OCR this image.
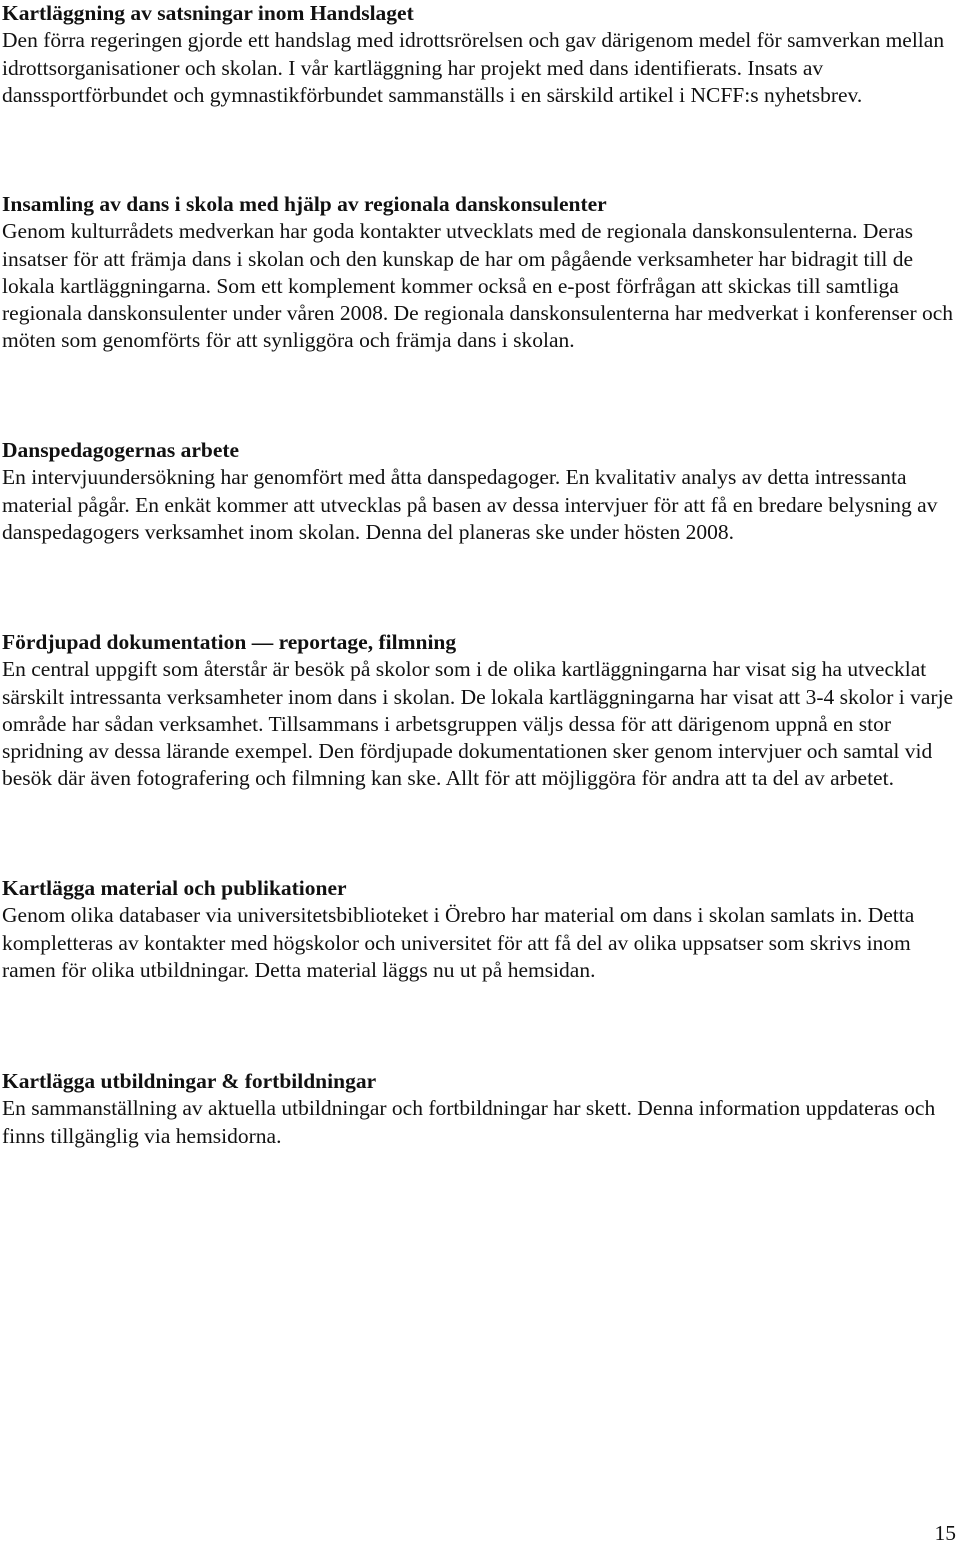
Kartläggning av satsningar inom Handslaget
Den förra regeringen gjorde ett handslag med idrottsrörelsen och gav därigenom medel för samverkan mellan idrottsorganisationer och skolan. I vår kartläggning har projekt med dans identifierats. Insats av danssportförbundet och gymnastikförbundet sammanställs i en särskild artikel i NCFF:s nyhetsbrev.
Insamling av dans i skola med hjälp av regionala danskonsulenter
Genom kulturrådets medverkan har goda kontakter utvecklats med de regionala danskonsulenterna. Deras insatser för att främja dans i skolan och den kunskap de har om pågående verksamheter har bidragit till de lokala kartläggningarna. Som ett komplement kommer också en e-post förfrågan att skickas till samtliga regionala danskonsulenter under våren 2008. De regionala danskonsulenterna har medverkat i konferenser och möten som genomförts för att synliggöra och främja dans i skolan.
Danspedagogernas arbete
En intervjuundersökning har genomfört med åtta danspedagoger. En kvalitativ analys av detta intressanta material pågår. En enkät kommer att utvecklas på basen av dessa intervjuer för att få en bredare belysning av danspedagogers verksamhet inom skolan. Denna del planeras ske under hösten 2008.
Fördjupad dokumentation — reportage, filmning
En central uppgift som återstår är besök på skolor som i de olika kartläggningarna har visat sig ha utvecklat särskilt intressanta verksamheter inom dans i skolan. De lokala kartläggningarna har visat att 3-4 skolor i varje område har sådan verksamhet. Tillsammans i arbetsgruppen väljs dessa för att därigenom uppnå en stor spridning av dessa lärande exempel. Den fördjupade dokumentationen sker genom intervjuer och samtal vid besök där även fotografering och filmning kan ske. Allt för att möjliggöra för andra att ta del av arbetet.
Kartlägga material och publikationer
Genom olika databaser via universitetsbiblioteket i Örebro har material om dans i skolan samlats in. Detta kompletteras av kontakter med högskolor och universitet för att få del av olika uppsatser som skrivs inom ramen för olika utbildningar. Detta material läggs nu ut på hemsidan.
Kartlägga utbildningar & fortbildningar
En sammanställning av aktuella utbildningar och fortbildningar har skett. Denna information uppdateras och finns tillgänglig via hemsidorna.
15
